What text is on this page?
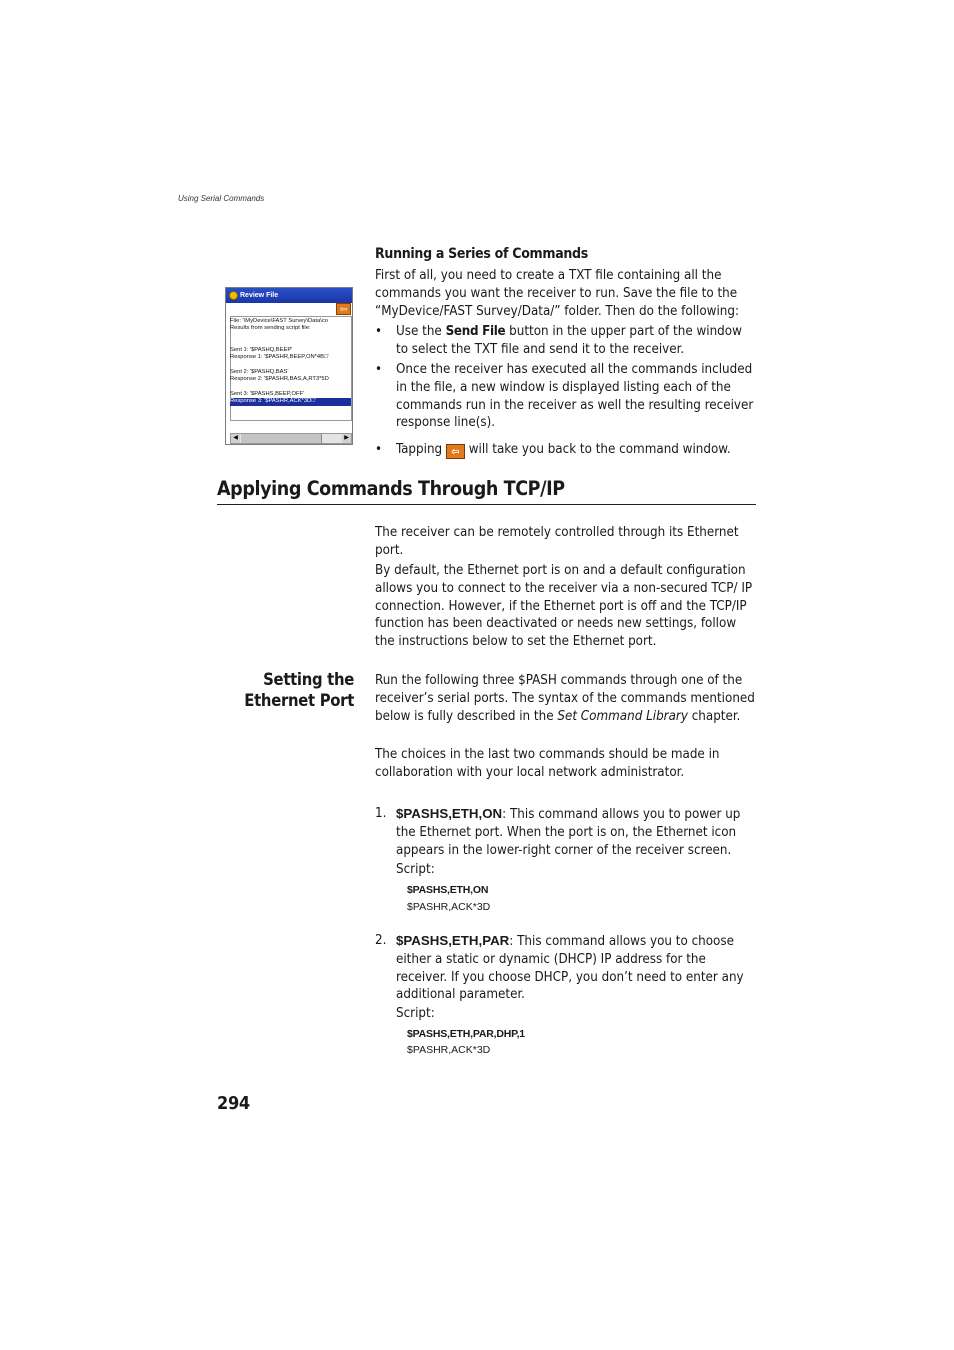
Using Serial Commands
Review File
⇦
File: '\MyDevice\FAST Survey\Data\co
Results from sending script file:
Sent 1: '$PASHQ,BEEP'
Response 1: '$PASHR,BEEP,ON*4B□'
Sent 2: '$PASHQ,BAS'
Response 2: '$PASHR,BAS,A,RT3*5D
Sent 3: '$PASHS,BEEP,OFF'
Response 3: '$PASHR,ACK*3D□'
◀	▶
Running a Series of Commands

First of all, you need to create a TXT file containing all the commands you want the receiver to run. Save the file to the “MyDevice/FAST Survey/Data/” folder. Then do the following:

• Use the Send File button in the upper part of the window to select the TXT file and send it to the receiver.
• Once the receiver has executed all the commands included in the file, a new window is displayed listing each of the commands run in the receiver as well the resulting receiver response line(s).
• Tapping ⇦ will take you back to the command window.
Applying Commands Through TCP/IP

The receiver can be remotely controlled through its Ethernet port.

By default, the Ethernet port is on and a default configuration allows you to connect to the receiver via a non-secured TCP/ IP connection. However, if the Ethernet port is off and the TCP/IP function has been deactivated or needs new settings, follow the instructions below to set the Ethernet port.

Setting the
Ethernet Port

Run the following three $PASH commands through one of the receiver’s serial ports. The syntax of the commands mentioned below is fully described in the Set Command Library chapter.

The choices in the last two commands should be made in collaboration with your local network administrator.

1. $PASHS,ETH,ON: This command allows you to power up the Ethernet port. When the port is on, the Ethernet icon appears in the lower-right corner of the receiver screen.
Script:
$PASHS,ETH,ON
$PASHR,ACK*3D
2. $PASHS,ETH,PAR: This command allows you to choose either a static or dynamic (DHCP) IP address for the receiver. If you choose DHCP, you don’t need to enter any additional parameter.
Script:
$PASHS,ETH,PAR,DHP,1
$PASHR,ACK*3D
294
